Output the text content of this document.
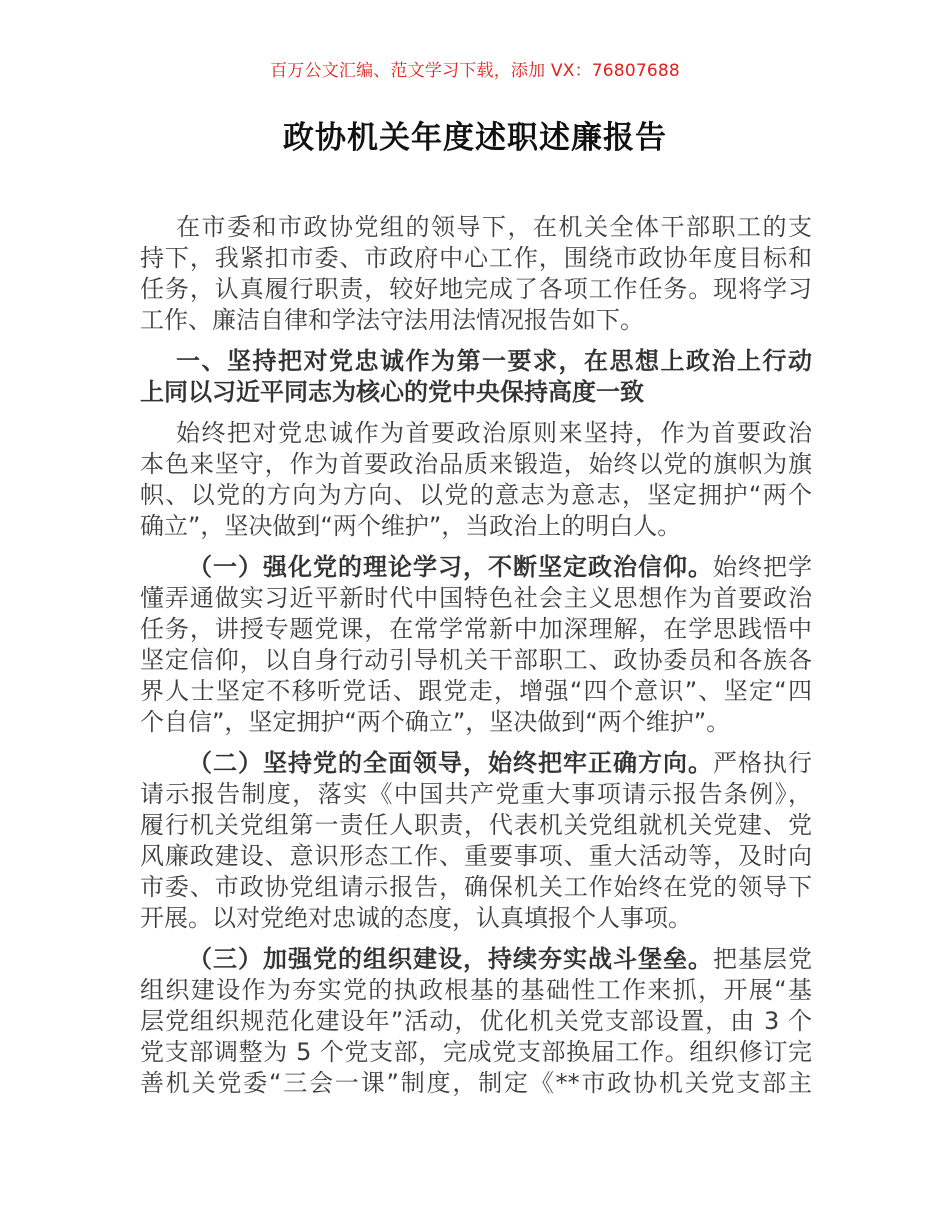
百万公文汇编、范文学习下载，添加 VX：76807688
政协机关年度述职述廉报告
在市委和市政协党组的领导下，在机关全体干部职工的支
持下，我紧扣市委、市政府中心工作，围绕市政协年度目标和
任务，认真履行职责，较好地完成了各项工作任务。现将学习
工作、廉洁自律和学法守法用法情况报告如下。
一、坚持把对党忠诚作为第一要求，在思想上政治上行动
上同以习近平同志为核心的党中央保持高度一致
始终把对党忠诚作为首要政治原则来坚持，作为首要政治
本色来坚守，作为首要政治品质来锻造，始终以党的旗帜为旗
帜、以党的方向为方向、以党的意志为意志，坚定拥护“两个
确立”，坚决做到“两个维护”，当政治上的明白人。
（一）强化党的理论学习，不断坚定政治信仰。始终把学
懂弄通做实习近平新时代中国特色社会主义思想作为首要政治
任务，讲授专题党课，在常学常新中加深理解，在学思践悟中
坚定信仰，以自身行动引导机关干部职工、政协委员和各族各
界人士坚定不移听党话、跟党走，增强“四个意识”、坚定“四
个自信”，坚定拥护“两个确立”，坚决做到“两个维护”。
（二）坚持党的全面领导，始终把牢正确方向。严格执行
请示报告制度，落实《中国共产党重大事项请示报告条例》，
履行机关党组第一责任人职责，代表机关党组就机关党建、党
风廉政建设、意识形态工作、重要事项、重大活动等，及时向
市委、市政协党组请示报告，确保机关工作始终在党的领导下
开展。以对党绝对忠诚的态度，认真填报个人事项。
（三）加强党的组织建设，持续夯实战斗堡垒。把基层党
组织建设作为夯实党的执政根基的基础性工作来抓，开展“基
层党组织规范化建设年”活动，优化机关党支部设置，由 3 个
党支部调整为 5 个党支部，完成党支部换届工作。组织修订完
善机关党委“三会一课”制度，制定《**市政协机关党支部主
